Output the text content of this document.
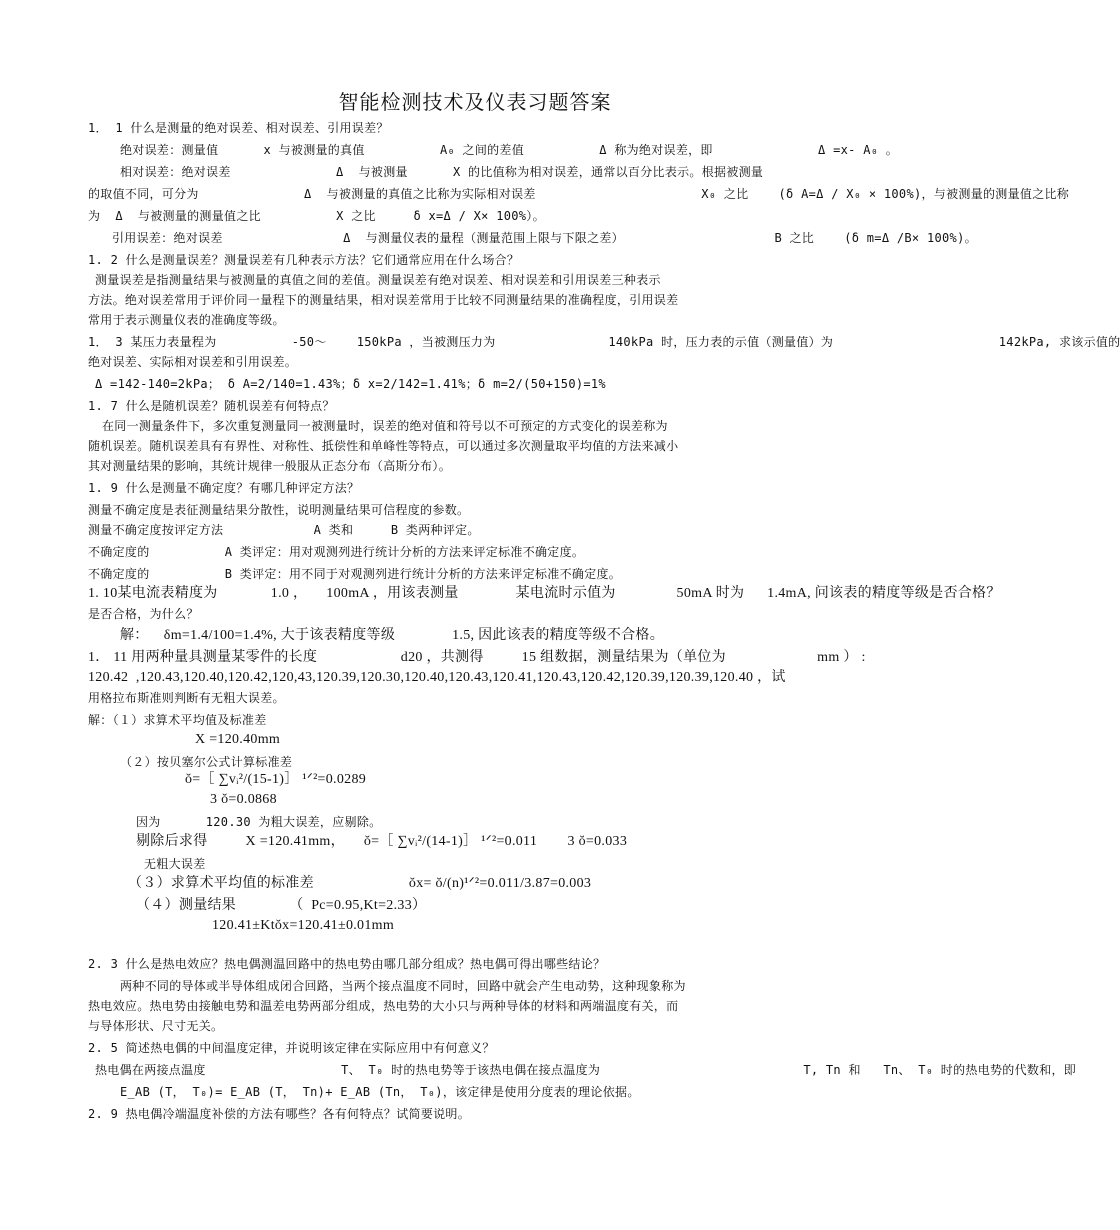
智能检测技术及仪表习题答案
1． 1 什么是测量的绝对误差、相对误差、引用误差？
绝对误差：测量值      x 与被测量的真值          A₀ 之间的差值          Δ 称为绝对误差，即              Δ =x- A₀ 。
相对误差：绝对误差              Δ  与被测量      X 的比值称为相对误差，通常以百分比表示。根据被测量
的取值不同，可分为              Δ  与被测量的真值之比称为实际相对误差                      X₀ 之比    (δ A=Δ / X₀ × 100%)，与被测量的测量值之比称
为  Δ  与被测量的测量值之比          X 之比     δ x=Δ / X× 100%）。
引用误差：绝对误差                Δ  与测量仪表的量程（测量范围上限与下限之差）                    B 之比    (δ m=Δ /B× 100%)。
1. 2 什么是测量误差？测量误差有几种表示方法？它们通常应用在什么场合？
测量误差是指测量结果与被测量的真值之间的差值。测量误差有绝对误差、相对误差和引用误差三种表示
方法。绝对误差常用于评价同一量程下的测量结果，相对误差常用于比较不同测量结果的准确程度，引用误差
常用于表示测量仪表的准确度等级。
1． 3 某压力表量程为          -50～    150kPa ，当被测压力为               140kPa 时，压力表的示值（测量值）为                      142kPa, 求该示值的
绝对误差、实际相对误差和引用误差。
Δ =142-140=2kPa； δ A=2/140=1.43%；δ x=2/142=1.41%；δ m=2/(50+150)=1%
1. 7 什么是随机误差？随机误差有何特点？
在同一测量条件下，多次重复测量同一被测量时，误差的绝对值和符号以不可预定的方式变化的误差称为
随机误差。随机误差具有有界性、对称性、抵偿性和单峰性等特点，可以通过多次测量取平均值的方法来减小
其对测量结果的影响，其统计规律一般服从正态分布（高斯分布）。
1. 9 什么是测量不确定度？有哪几种评定方法？
测量不确定度是表征测量结果分散性，说明测量结果可信程度的参数。
测量不确定度按评定方法            A 类和     B 类两种评定。
不确定度的          A 类评定：用对观测列进行统计分析的方法来评定标准不确定度。
不确定度的          B 类评定：用不同于对观测列进行统计分析的方法来评定标准不确定度。
1. 10某电流表精度为              1.0 ，     100mA ，用该表测量               某电流时示值为                50mA 时为      1.4mA, 问该表的精度等级是否合格？
是否合格，为什么？
解：    δm=1.4/100=1.4%, 大于该表精度等级               1.5, 因此该表的精度等级不合格。
1． 11 用两种量具测量某零件的长度                      d20 ，共测得          15 组数据，测量结果为（单位为                        mm ） :
120.42  ,120.43,120.40,120.42,120,43,120.39,120.30,120.40,120.43,120.41,120.43,120.42,120.39,120.39,120.40 ，试
用格拉布斯准则判断有无粗大误差。
解：（１）求算术平均值及标准差
X =120.40mm
（２）按贝塞尔公式计算标准差
ŏ=［ ∑vᵢ²/(15-1)］ ¹ᐟ²=0.0289
3 ŏ=0.0868
因为      120.30 为粗大误差，应剔除。
剔除后求得          X =120.41mm，     ŏ=［ ∑vᵢ²/(14-1)］ ¹ᐟ²=0.011        3 ŏ=0.033
无粗大误差
（３）求算术平均值的标准差                         ŏx= ŏ/(n)¹ᐟ²=0.011/3.87=0.003
（４）测量结果              （  Pc=0.95,Kt=2.33）
120.41±Ktŏx=120.41±0.01mm
2. 3 什么是热电效应？热电偶测温回路中的热电势由哪几部分组成？热电偶可得出哪些结论？
两种不同的导体或半导体组成闭合回路，当两个接点温度不同时，回路中就会产生电动势，这种现象称为
热电效应。热电势由接触电势和温差电势两部分组成，热电势的大小只与两种导体的材料和两端温度有关，而
与导体形状、尺寸无关。
2. 5 简述热电偶的中间温度定律，并说明该定律在实际应用中有何意义？
热电偶在两接点温度                  T、 T₀ 时的热电势等于该热电偶在接点温度为                           T, Tn 和   Tn、 T₀ 时的热电势的代数和，即
E_AB (T， T₀)= E_AB (T， Tn)+ E_AB (Tn， T₀)，该定律是使用分度表的理论依据。
2. 9 热电偶冷端温度补偿的方法有哪些？各有何特点？试简要说明。
